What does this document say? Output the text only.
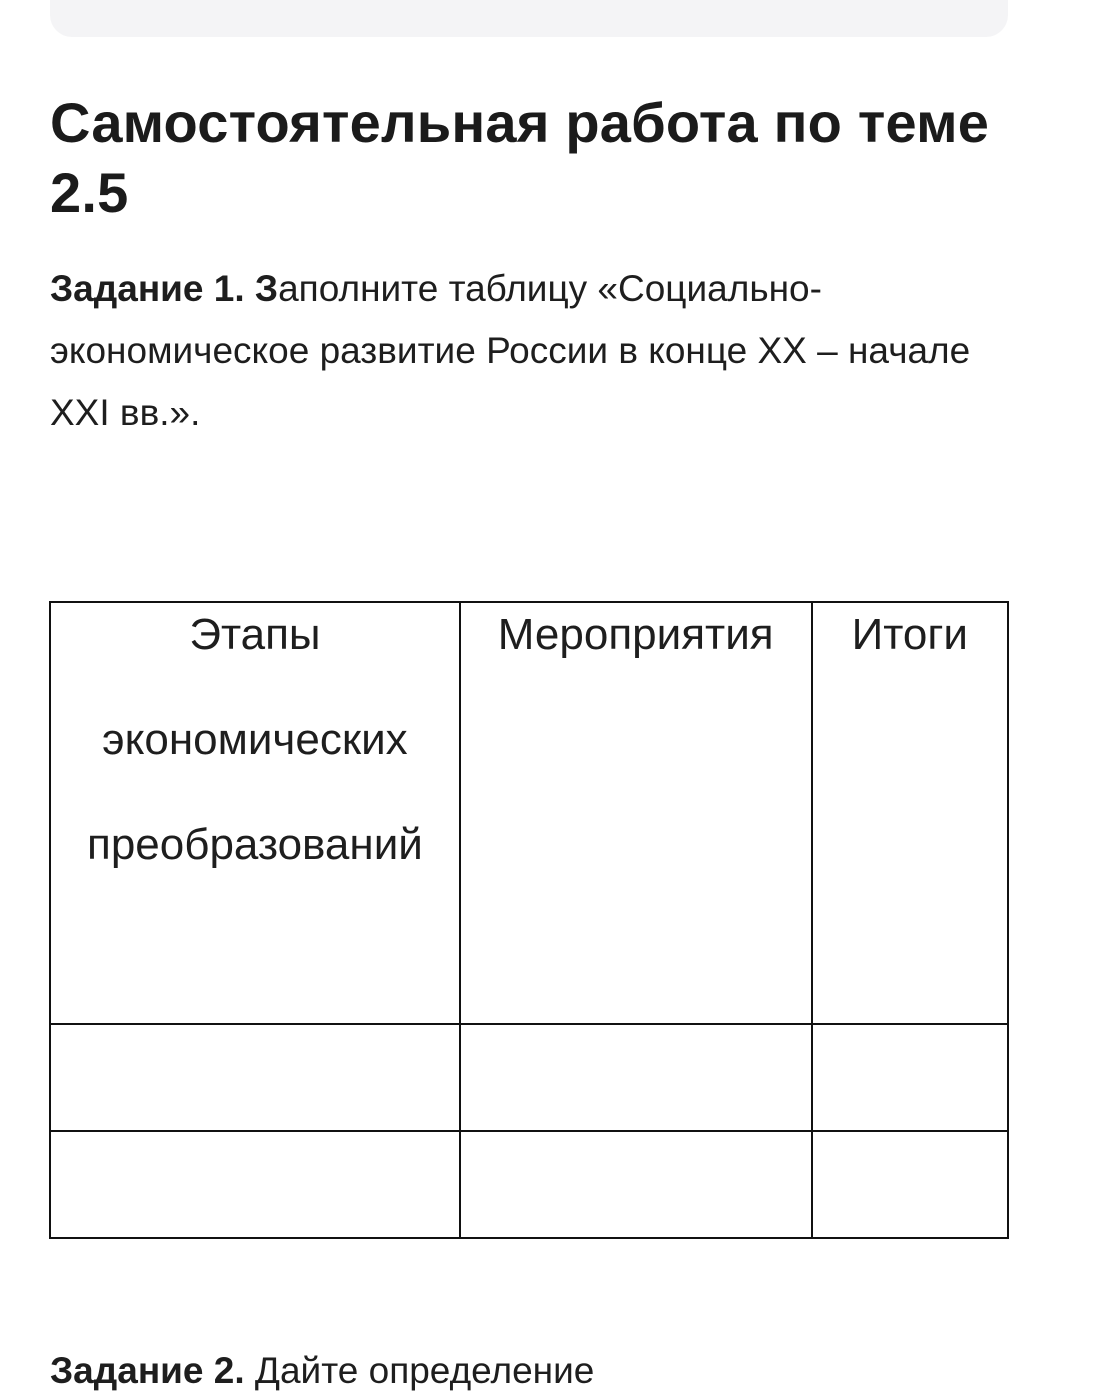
Самостоятельная работа по теме 2.5

Задание 1. Заполните таблицу «Социально-экономическое развитие России в конце XX – начале XXI вв.».

Этапы экономических преобразований	Мероприятия	Итоги

Задание 2. Дайте определение
